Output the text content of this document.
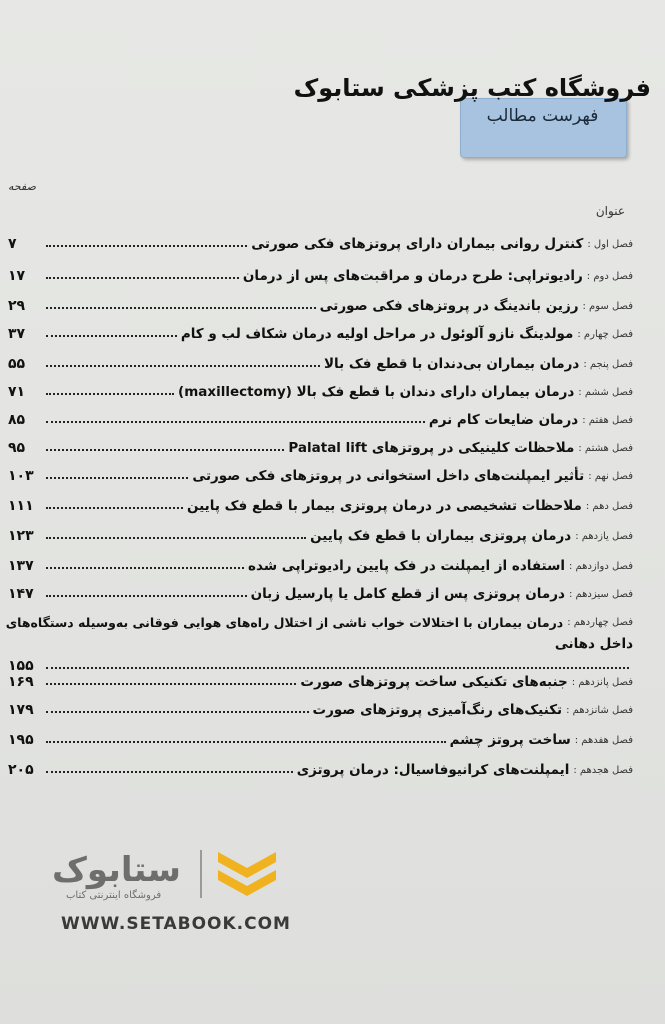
فهرست مطالب
فروشگاه کتب پزشکی ستابوک
صفحه
عنوان
فصل اول :
کنترل روانی بیماران دارای پروتزهای فکی صورتی
۷
فصل دوم :
رادیوتراپی: طرح درمان و مراقبت‌های پس از درمان
۱۷
فصل سوم :
رزین باندینگ در پروتزهای فکی صورتی
۲۹
فصل چهارم :
مولدینگ نازو آلوئول در مراحل اولیه درمان شکاف لب و کام
۳۷
فصل پنجم :
درمان بیماران بی‌دندان با قطع فک بالا
۵۵
فصل ششم :
درمان بیماران دارای دندان با قطع فک بالا (maxillectomy)
۷۱
فصل هفتم :
درمان ضایعات کام نرم
۸۵
فصل هشتم :
ملاحظات کلینیکی در پروتزهای Palatal lift
۹۵
فصل نهم :
تأثیر ایمپلنت‌های داخل استخوانی در پروتزهای فکی صورتی
۱۰۳
فصل دهم :
ملاحظات تشخیصی در درمان پروتزی بیمار با قطع فک پایین
۱۱۱
فصل یازدهم :
درمان پروتزی بیماران با قطع فک پایین
۱۲۳
فصل دوازدهم :
استفاده از ایمپلنت در فک پایین رادیوتراپی شده
۱۳۷
فصل سیزدهم :
درمان پروتزی پس از قطع کامل یا پارسیل زبان
۱۴۷
فصل چهاردهم :
درمان بیماران با اختلالات خواب ناشی از اختلال راه‌های هوایی فوقانی به‌وسیله دستگاه‌های
داخل دهانی
۱۵۵
فصل پانزدهم :
جنبه‌های تکنیکی ساخت پروتزهای صورت
۱۶۹
فصل شانزدهم :
تکنیک‌های رنگ‌آمیزی پروتزهای صورت
۱۷۹
فصل هفدهم :
ساخت پروتز چشم
۱۹۵
فصل هجدهم :
ایمپلنت‌های کرانیوفاسیال: درمان پروتزی
۲۰۵
ستابوک
فروشگاه اینترنتی کتاب
WWW.SETABOOK.COM
